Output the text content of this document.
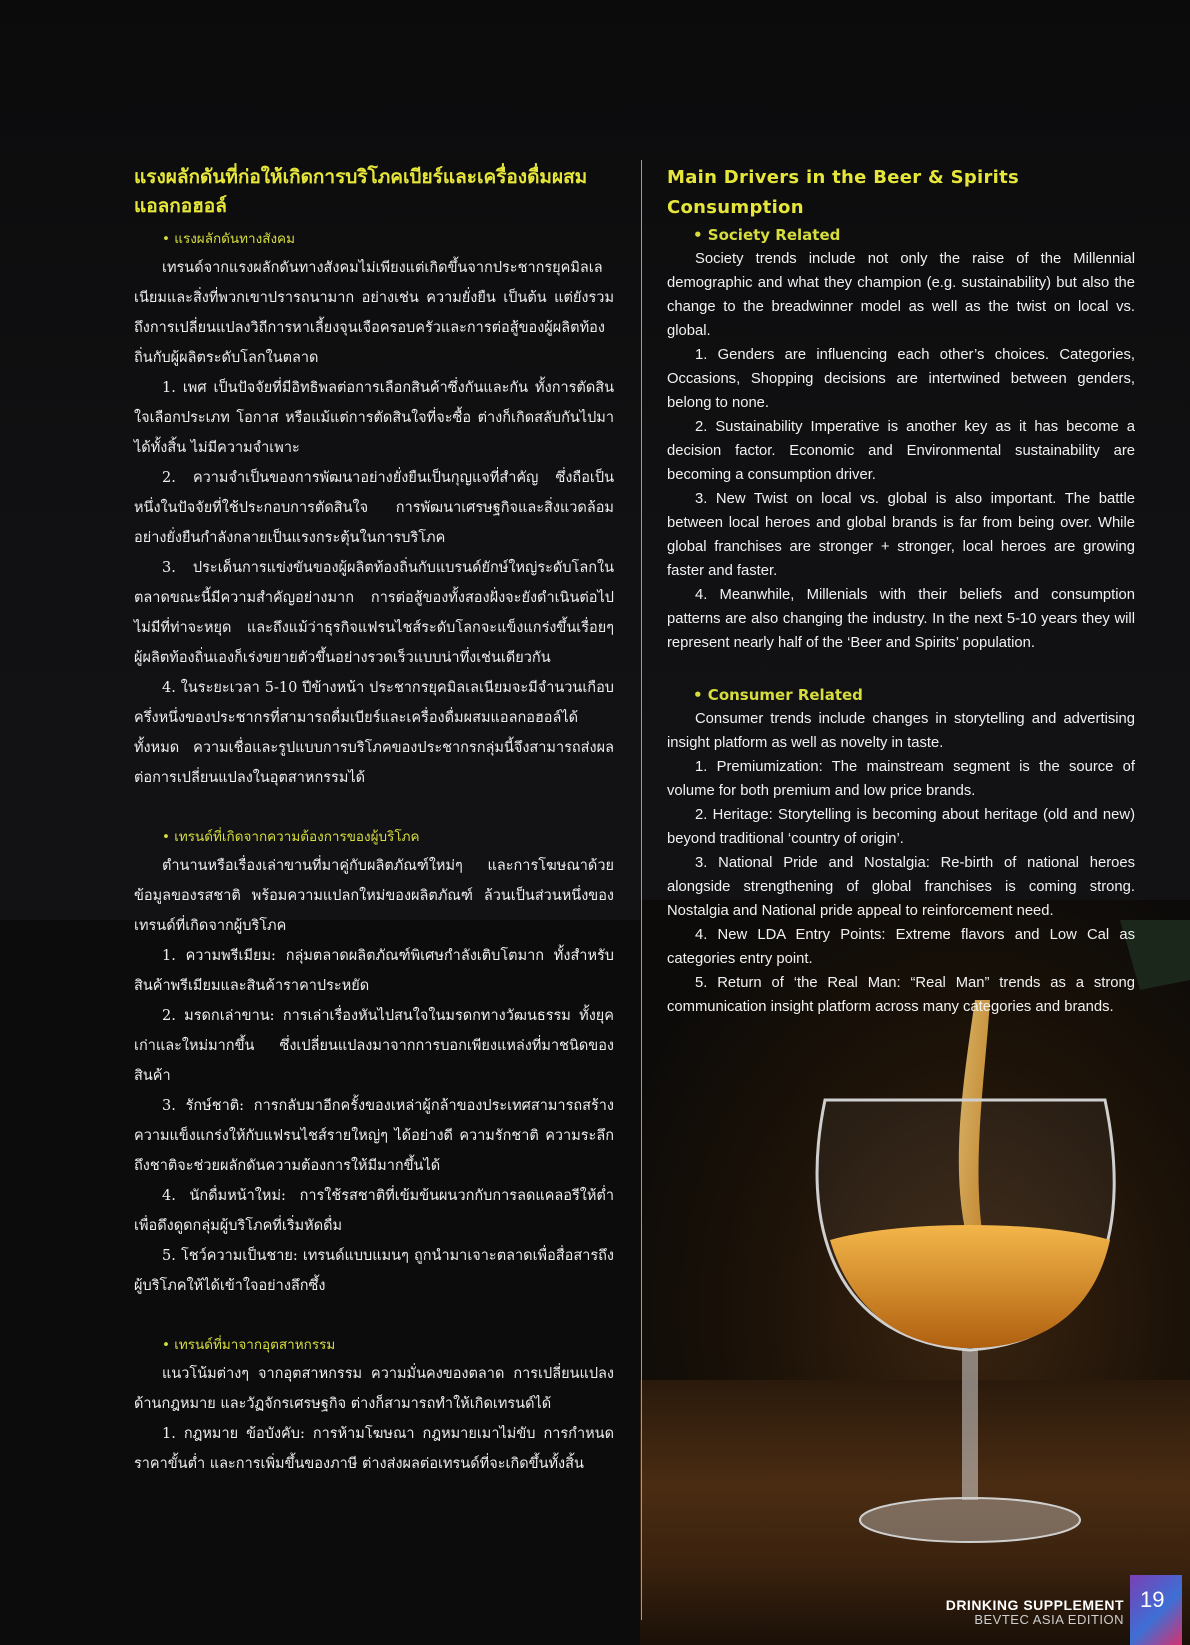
แรงผลักดันที่ก่อให้เกิดการบริโภคเบียร์และเครื่องดื่มผสมแอลกอฮอล์

• แรงผลักดันทางสังคม

เทรนด์จากแรงผลักดันทางสังคมไม่เพียงแต่เกิดขึ้นจากประชากรยุคมิลเลเนียมและสิ่งที่พวกเขาปรารถนามาก อย่างเช่น ความยั่งยืน เป็นต้น แต่ยังรวมถึงการเปลี่ยนแปลงวิถีการหาเลี้ยงจุนเจือครอบครัวและการต่อสู้ของผู้ผลิตท้องถิ่นกับผู้ผลิตระดับโลกในตลาด

1. เพศ เป็นปัจจัยที่มีอิทธิพลต่อการเลือกสินค้าซึ่งกันและกัน ทั้งการตัดสินใจเลือกประเภท โอกาส หรือแม้แต่การตัดสินใจที่จะซื้อ ต่างก็เกิดสลับกันไปมาได้ทั้งสิ้น ไม่มีความจำเพาะ

2. ความจำเป็นของการพัฒนาอย่างยั่งยืนเป็นกุญแจที่สำคัญ ซึ่งถือเป็นหนึ่งในปัจจัยที่ใช้ประกอบการตัดสินใจ การพัฒนาเศรษฐกิจและสิ่งแวดล้อมอย่างยั่งยืนกำลังกลายเป็นแรงกระตุ้นในการบริโภค

3. ประเด็นการแข่งขันของผู้ผลิตท้องถิ่นกับแบรนด์ยักษ์ใหญ่ระดับโลกในตลาดขณะนี้มีความสำคัญอย่างมาก การต่อสู้ของทั้งสองฝั่งจะยังดำเนินต่อไปไม่มีที่ท่าจะหยุด และถึงแม้ว่าธุรกิจแฟรนไชส์ระดับโลกจะแข็งแกร่งขึ้นเรื่อยๆ ผู้ผลิตท้องถิ่นเองก็เร่งขยายตัวขึ้นอย่างรวดเร็วแบบน่าทึ่งเช่นเดียวกัน

4. ในระยะเวลา 5-10 ปีข้างหน้า ประชากรยุคมิลเลเนียมจะมีจำนวนเกือบครึ่งหนึ่งของประชากรที่สามารถดื่มเบียร์และเครื่องดื่มผสมแอลกอฮอล์ได้ทั้งหมด ความเชื่อและรูปแบบการบริโภคของประชากรกลุ่มนี้จึงสามารถส่งผลต่อการเปลี่ยนแปลงในอุตสาหกรรมได้

• เทรนด์ที่เกิดจากความต้องการของผู้บริโภค

ตำนานหรือเรื่องเล่าขานที่มาคู่กับผลิตภัณฑ์ใหม่ๆ และการโฆษณาด้วยข้อมูลของรสชาติ พร้อมความแปลกใหม่ของผลิตภัณฑ์ ล้วนเป็นส่วนหนึ่งของเทรนด์ที่เกิดจากผู้บริโภค

1. ความพรีเมียม: กลุ่มตลาดผลิตภัณฑ์พิเศษกำลังเติบโตมาก ทั้งสำหรับสินค้าพรีเมียมและสินค้าราคาประหยัด

2. มรดกเล่าขาน: การเล่าเรื่องหันไปสนใจในมรดกทางวัฒนธรรม ทั้งยุคเก่าและใหม่มากขึ้น ซึ่งเปลี่ยนแปลงมาจากการบอกเพียงแหล่งที่มาชนิดของสินค้า

3. รักษ์ชาติ: การกลับมาอีกครั้งของเหล่าผู้กล้าของประเทศสามารถสร้างความแข็งแกร่งให้กับแฟรนไชส์รายใหญ่ๆ ได้อย่างดี ความรักชาติ ความระลึกถึงชาติจะช่วยผลักดันความต้องการให้มีมากขึ้นได้

4. นักดื่มหน้าใหม่: การใช้รสชาติที่เข้มข้นผนวกกับการลดแคลอรีให้ต่ำเพื่อดึงดูดกลุ่มผู้บริโภคที่เริ่มหัดดื่ม

5. โชว์ความเป็นชาย: เทรนด์แบบแมนๆ ถูกนำมาเจาะตลาดเพื่อสื่อสารถึงผู้บริโภคให้ได้เข้าใจอย่างลึกซึ้ง

• เทรนด์ที่มาจากอุตสาหกรรม

แนวโน้มต่างๆ จากอุตสาหกรรม ความมั่นคงของตลาด การเปลี่ยนแปลงด้านกฎหมาย และวัฏจักรเศรษฐกิจ ต่างก็สามารถทำให้เกิดเทรนด์ได้

1. กฎหมาย ข้อบังคับ: การห้ามโฆษณา กฎหมายเมาไม่ขับ การกำหนดราคาขั้นต่ำ และการเพิ่มขึ้นของภาษี ต่างส่งผลต่อเทรนด์ที่จะเกิดขึ้นทั้งสิ้น

Main Drivers in the Beer & Spirits
Consumption

• Society Related

Society trends include not only the raise of the Millennial demographic and what they champion (e.g. sustainability) but also the change to the breadwinner model as well as the twist on local vs. global.

1. Genders are influencing each other’s choices. Categories, Occasions, Shopping decisions are intertwined between genders, belong to none.

2. Sustainability Imperative is another key as it has become a decision factor. Economic and Environmental sustainability are becoming a consumption driver.

3. New Twist on local vs. global is also important. The battle between local heroes and global brands is far from being over. While global franchises are stronger + stronger, local heroes are growing faster and faster.

4. Meanwhile, Millenials with their beliefs and consumption patterns are also changing the industry. In the next 5-10 years they will represent nearly half of the ‘Beer and Spirits’ population.

• Consumer Related

Consumer trends include changes in storytelling and advertising insight platform as well as novelty in taste.

1. Premiumization: The mainstream segment is the source of volume for both premium and low price brands.

2. Heritage: Storytelling is becoming about heritage (old and new) beyond traditional ‘country of origin’.

3. National Pride and Nostalgia: Re-birth of national heroes alongside strengthening of global franchises is coming strong. Nostalgia and National pride appeal to reinforcement need.

4. New LDA Entry Points: Extreme flavors and Low Cal as categories entry point.

5. Return of ‘the Real Man: “Real Man” trends as a strong communication insight platform across many categories and brands.

DRINKING SUPPLEMENT
BEVTEC ASIA EDITION
19
